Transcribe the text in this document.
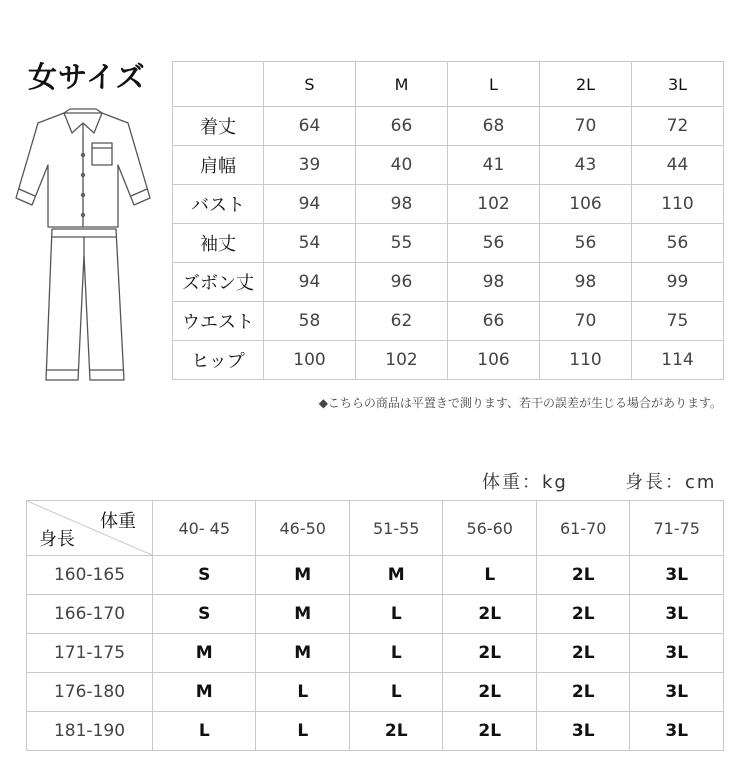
女サイズ
		S	M	L	2L	3L
着丈	64	66	68	70	72
肩幅	39	40	41	43	44
バスト	94	98	102	106	110
袖丈	54	55	56	56	56
ズボン丈	94	96	98	98	99
ウエスト	58	62	66	70	75
ヒップ	100	102	106	110	114
◆こちらの商品は平置きで測ります、若干の誤差が生じる場合があります。
体重：kg	身長：cm
体重
身長	40- 45	46-50	51-55	56-60	61-70	71-75
160-165	S	M	M	L	2L	3L
166-170	S	M	L	2L	2L	3L
171-175	M	M	L	2L	2L	3L
176-180	M	L	L	2L	2L	3L
181-190	L	L	2L	2L	3L	3L
